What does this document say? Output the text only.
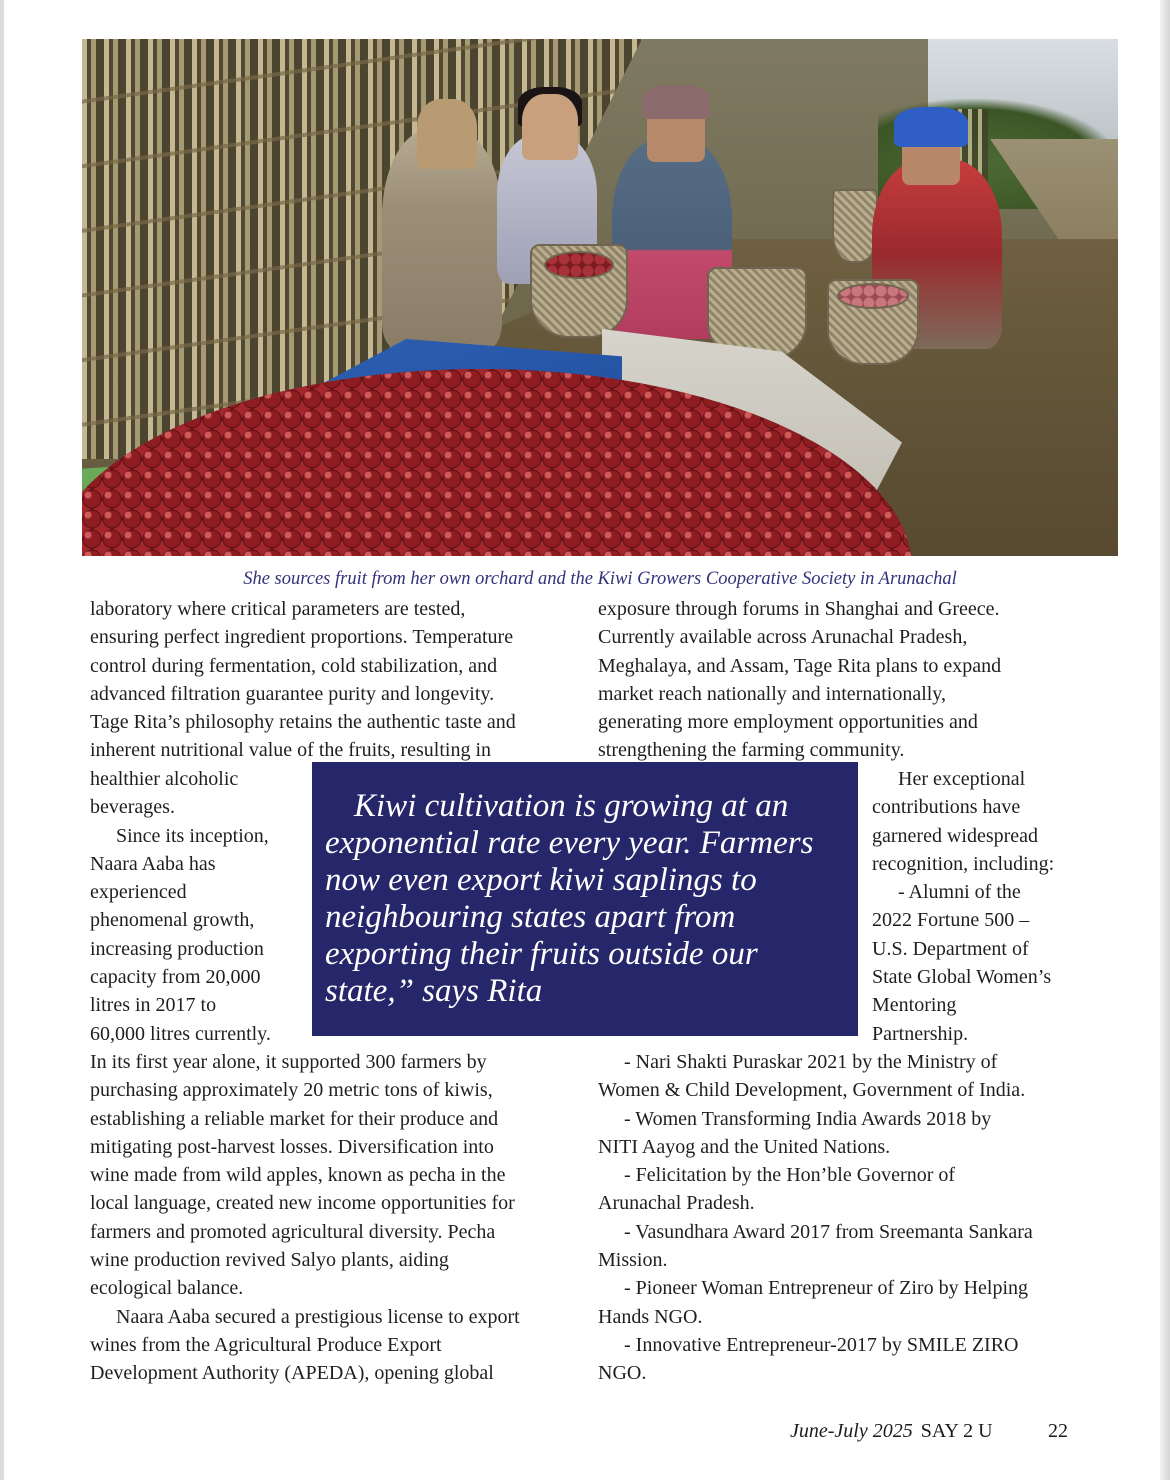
She sources fruit from her own orchard and the Kiwi Growers Cooperative Society in Arunachal

laboratory where critical parameters are tested,
ensuring perfect ingredient proportions. Temperature
control during fermentation, cold stabilization, and
advanced filtration guarantee purity and longevity.
Tage Rita’s philosophy retains the authentic taste and
inherent nutritional value of the fruits, resulting in
healthier alcoholic
beverages.
Since its inception,
Naara Aaba has
experienced
phenomenal growth,
increasing production
capacity from 20,000
litres in 2017 to
60,000 litres currently.
In its first year alone, it supported 300 farmers by
purchasing approximately 20 metric tons of kiwis,
establishing a reliable market for their produce and
mitigating post-harvest losses. Diversification into
wine made from wild apples, known as pecha in the
local language, created new income opportunities for
farmers and promoted agricultural diversity. Pecha
wine production revived Salyo plants, aiding
ecological balance.
Naara Aaba secured a prestigious license to export
wines from the Agricultural Produce Export
Development Authority (APEDA), opening global
exposure through forums in Shanghai and Greece.
Currently available across Arunachal Pradesh,
Meghalaya, and Assam, Tage Rita plans to expand
market reach nationally and internationally,
generating more employment opportunities and
strengthening the farming community.
Her exceptional
contributions have
garnered widespread
recognition, including:
- Alumni of the
2022 Fortune 500 –
U.S. Department of
State Global Women’s
Mentoring
Partnership.
- Nari Shakti Puraskar 2021 by the Ministry of
Women & Child Development, Government of India.
- Women Transforming India Awards 2018 by
NITI Aayog and the United Nations.
- Felicitation by the Hon’ble Governor of
Arunachal Pradesh.
- Vasundhara Award 2017 from Sreemanta Sankara
Mission.
- Pioneer Woman Entrepreneur of Ziro by Helping
Hands NGO.
- Innovative Entrepreneur-2017 by SMILE ZIRO
NGO.

Kiwi cultivation is growing at an
exponential rate every year. Farmers
now even export kiwi saplings to
neighbouring states apart from
exporting their fruits outside our
state,” says Rita

June-July 2025 SAY 2 U	22
